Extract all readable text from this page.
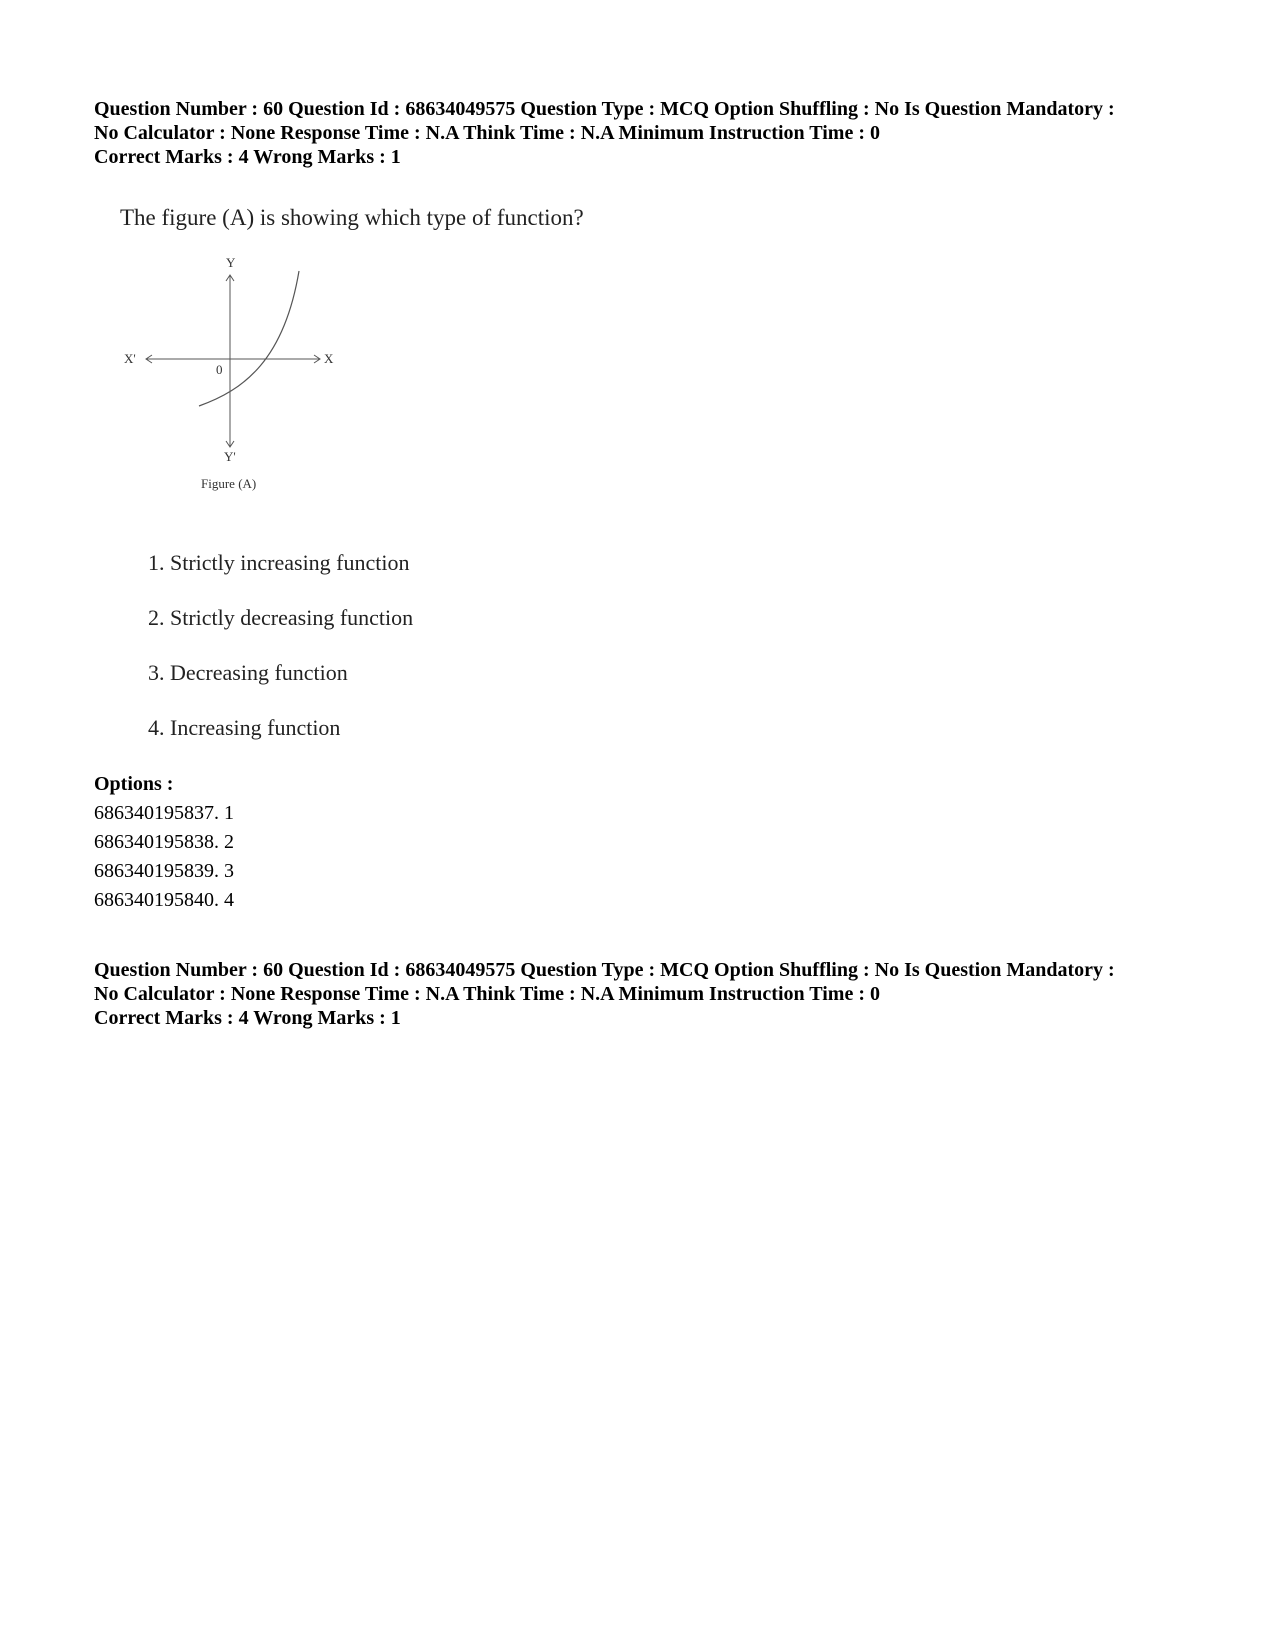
Question Number : 60 Question Id : 68634049575 Question Type : MCQ Option Shuffling : No Is Question Mandatory :

No Calculator : None Response Time : N.A Think Time : N.A Minimum Instruction Time : 0

Correct Marks : 4 Wrong Marks : 1

The figure (A) is showing which type of function?
Y
Y'
X
X'
0
Figure (A)
1. Strictly increasing function
2. Strictly decreasing function
3. Decreasing function
4. Increasing function
Options :
686340195837. 1
686340195838. 2
686340195839. 3
686340195840. 4

Question Number : 60 Question Id : 68634049575 Question Type : MCQ Option Shuffling : No Is Question Mandatory :

No Calculator : None Response Time : N.A Think Time : N.A Minimum Instruction Time : 0

Correct Marks : 4 Wrong Marks : 1
